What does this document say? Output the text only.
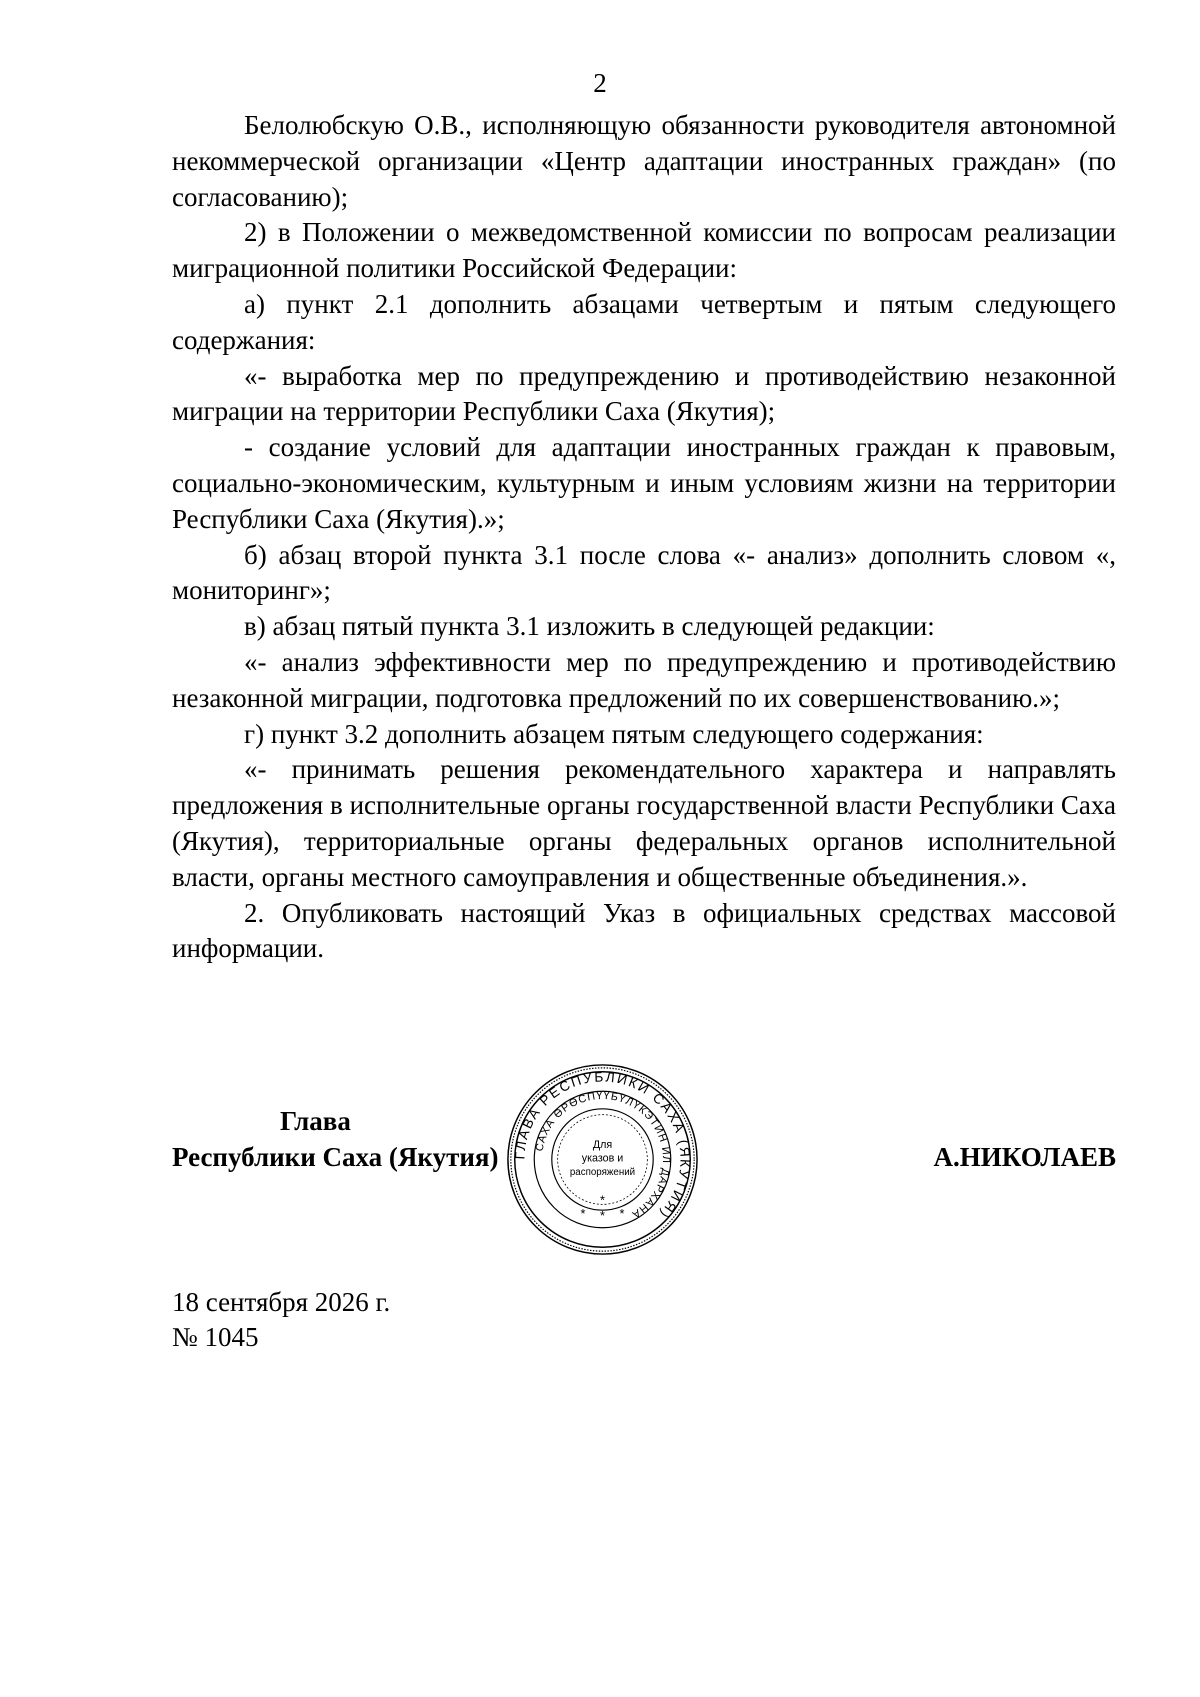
2

Белолюбскую О.В., исполняющую обязанности руководителя автономной некоммерческой организации «Центр адаптации иностранных граждан» (по согласованию);

2) в Положении о межведомственной комиссии по вопросам реализации миграционной политики Российской Федерации:

а) пункт 2.1 дополнить абзацами четвертым и пятым следующего содержания:

«- выработка мер по предупреждению и противодействию незаконной миграции на территории Республики Саха (Якутия);

- создание условий для адаптации иностранных граждан к правовым, социально-экономическим, культурным и иным условиям жизни на территории Республики Саха (Якутия).»;

б) абзац второй пункта 3.1 после слова «- анализ» дополнить словом «, мониторинг»;

в) абзац пятый пункта 3.1 изложить в следующей редакции:

«- анализ эффективности мер по предупреждению и противодействию незаконной миграции, подготовка предложений по их совершенствованию.»;

г) пункт 3.2 дополнить абзацем пятым следующего содержания:

«- принимать решения рекомендательного характера и направлять предложения в исполнительные органы государственной власти Республики Саха (Якутия), территориальные органы федеральных органов исполнительной власти, органы местного самоуправления и общественные объединения.».

2. Опубликовать настоящий Указ в официальных средствах массовой информации.

Глава
Республики Саха (Якутия)	А.НИКОЛАЕВ
ГЛАВА РЕСПУБЛИКИ САХА (ЯКУТИЯ)
САХА ӨРӨСПҮҮБҮЛҮКЭТИН ИЛ ДАРХАНА
Для
указов и
распоряжений
*
* * *
18 сентября 2026 г.
№ 1045
